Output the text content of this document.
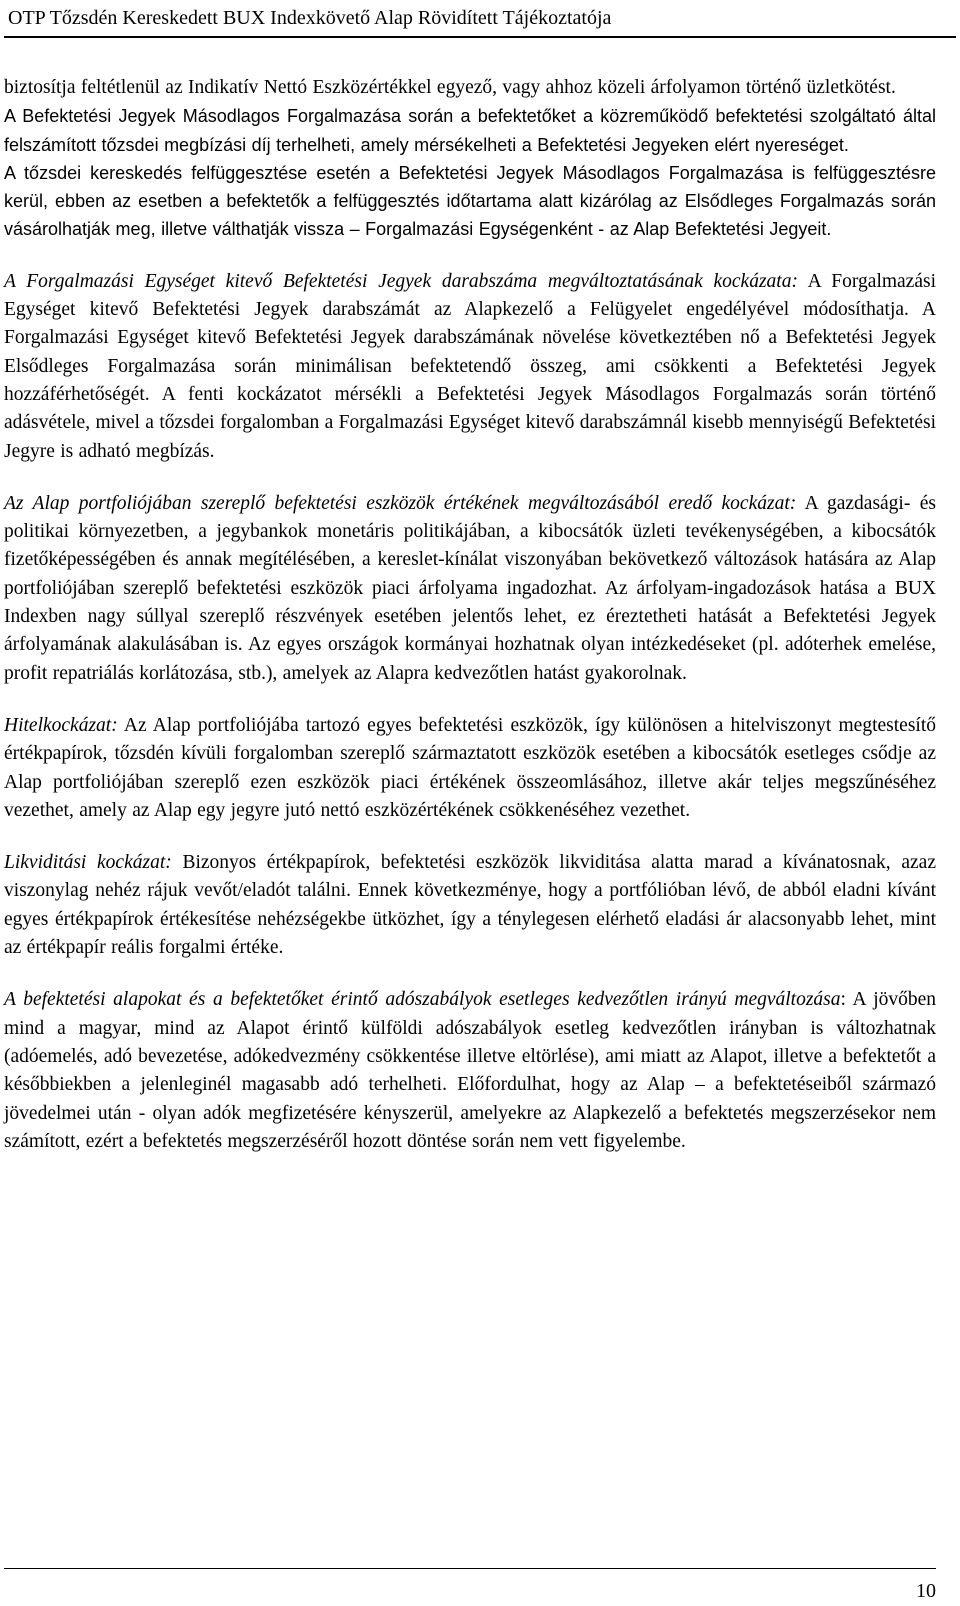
OTP Tőzsdén Kereskedett BUX Indexkövető Alap Rövidített Tájékoztatója

biztosítja feltétlenül az Indikatív Nettó Eszközértékkel egyező, vagy ahhoz közeli árfolyamon történő üzletkötést.

A Befektetési Jegyek Másodlagos Forgalmazása során a befektetőket a közreműködő befektetési szolgáltató által felszámított tőzsdei megbízási díj terhelheti, amely mérsékelheti a Befektetési Jegyeken elért nyereséget.

A tőzsdei kereskedés felfüggesztése esetén a Befektetési Jegyek Másodlagos Forgalmazása is felfüggesztésre kerül, ebben az esetben a befektetők a felfüggesztés időtartama alatt kizárólag az Elsődleges Forgalmazás során vásárolhatják meg, illetve válthatják vissza – Forgalmazási Egységenként - az Alap Befektetési Jegyeit.

A Forgalmazási Egységet kitevő Befektetési Jegyek darabszáma megváltoztatásának kockázata: A Forgalmazási Egységet kitevő Befektetési Jegyek darabszámát az Alapkezelő a Felügyelet engedélyével módosíthatja. A Forgalmazási Egységet kitevő Befektetési Jegyek darabszámának növelése következtében nő a Befektetési Jegyek Elsődleges Forgalmazása során minimálisan befektetendő összeg, ami csökkenti a Befektetési Jegyek hozzáférhetőségét. A fenti kockázatot mérsékli a Befektetési Jegyek Másodlagos Forgalmazás során történő adásvétele, mivel a tőzsdei forgalomban a Forgalmazási Egységet kitevő darabszámnál kisebb mennyiségű Befektetési Jegyre is adható megbízás.

Az Alap portfoliójában szereplő befektetési eszközök értékének megváltozásából eredő kockázat: A gazdasági- és politikai környezetben, a jegybankok monetáris politikájában, a kibocsátók üzleti tevékenységében, a kibocsátók fizetőképességében és annak megítélésében, a kereslet-kínálat viszonyában bekövetkező változások hatására az Alap portfoliójában szereplő befektetési eszközök piaci árfolyama ingadozhat. Az árfolyam-ingadozások hatása a BUX Indexben nagy súllyal szereplő részvények esetében jelentős lehet, ez éreztetheti hatását a Befektetési Jegyek árfolyamának alakulásában is. Az egyes országok kormányai hozhatnak olyan intézkedéseket (pl. adóterhek emelése, profit repatriálás korlátozása, stb.), amelyek az Alapra kedvezőtlen hatást gyakorolnak.

Hitelkockázat: Az Alap portfoliójába tartozó egyes befektetési eszközök, így különösen a hitelviszonyt megtestesítő értékpapírok, tőzsdén kívüli forgalomban szereplő származtatott eszközök esetében a kibocsátók esetleges csődje az Alap portfoliójában szereplő ezen eszközök piaci értékének összeomlásához, illetve akár teljes megszűnéséhez vezethet, amely az Alap egy jegyre jutó nettó eszközértékének csökkenéséhez vezethet.

Likviditási kockázat: Bizonyos értékpapírok, befektetési eszközök likviditása alatta marad a kívánatosnak, azaz viszonylag nehéz rájuk vevőt/eladót találni. Ennek következménye, hogy a portfólióban lévő, de abból eladni kívánt egyes értékpapírok értékesítése nehézségekbe ütközhet, így a ténylegesen elérhető eladási ár alacsonyabb lehet, mint az értékpapír reális forgalmi értéke.

A befektetési alapokat és a befektetőket érintő adószabályok esetleges kedvezőtlen irányú megváltozása: A jövőben mind a magyar, mind az Alapot érintő külföldi adószabályok esetleg kedvezőtlen irányban is változhatnak (adóemelés, adó bevezetése, adókedvezmény csökkentése illetve eltörlése), ami miatt az Alapot, illetve a befektetőt a későbbiekben a jelenleginél magasabb adó terhelheti. Előfordulhat, hogy az Alap – a befektetéseiből származó jövedelmei után - olyan adók megfizetésére kényszerül, amelyekre az Alapkezelő a befektetés megszerzésekor nem számított, ezért a befektetés megszerzéséről hozott döntése során nem vett figyelembe.

10
